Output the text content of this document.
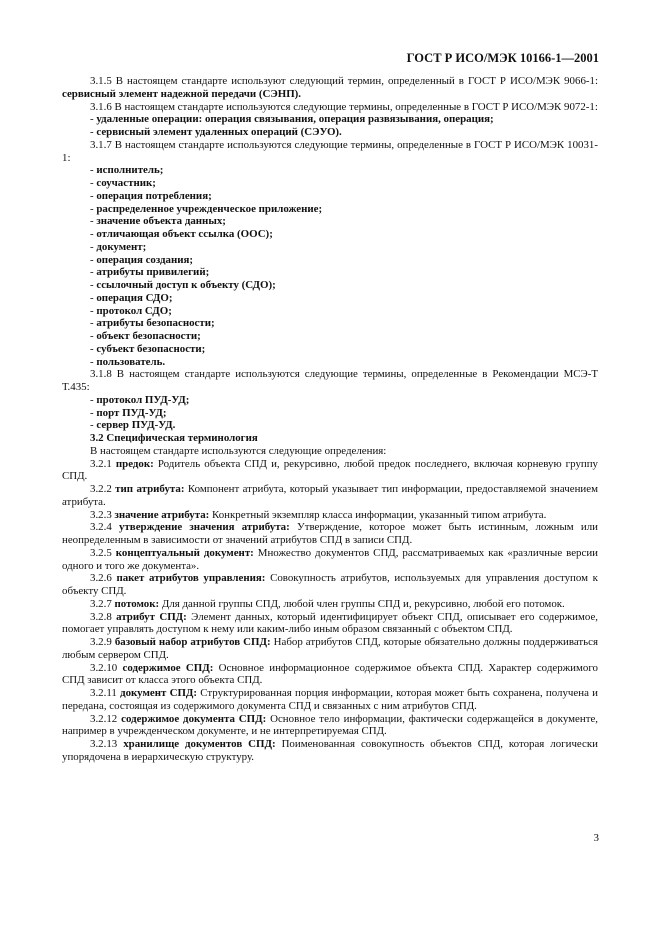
ГОСТ Р ИСО/МЭК 10166-1—2001

3.1.5 В настоящем стандарте используют следующий термин, определенный в ГОСТ Р ИСО/МЭК 9066-1: сервисный элемент надежной передачи (СЭНП).

3.1.6 В настоящем стандарте используются следующие термины, определенные в ГОСТ Р ИСО/МЭК 9072-1:

- удаленные операции: операция связывания, операция развязывания, операция;

- сервисный элемент удаленных операций (СЭУО).

3.1.7 В настоящем стандарте используются следующие термины, определенные в ГОСТ Р ИСО/МЭК 10031-1:

- исполнитель;

- соучастник;

- операция потребления;

- распределенное учрежденческое приложение;

- значение объекта данных;

- отличающая объект ссылка (ООС);

- документ;

- операция создания;

- атрибуты привилегий;

- ссылочный доступ к объекту (СДО);

- операция СДО;

- протокол СДО;

- атрибуты безопасности;

- объект безопасности;

- субъект безопасности;

- пользователь.

3.1.8 В настоящем стандарте используются следующие термины, определенные в Рекомендации МСЭ-Т Т.435:

- протокол ПУД-УД;

- порт ПУД-УД;

- сервер ПУД-УД.

3.2 Специфическая терминология

В настоящем стандарте используются следующие определения:

3.2.1 предок: Родитель объекта СПД и, рекурсивно, любой предок последнего, включая корневую группу СПД.

3.2.2 тип атрибута: Компонент атрибута, который указывает тип информации, предоставляемой значением атрибута.

3.2.3 значение атрибута: Конкретный экземпляр класса информации, указанный типом атрибута.

3.2.4 утверждение значения атрибута: Утверждение, которое может быть истинным, ложным или неопределенным в зависимости от значений атрибутов СПД в записи СПД.

3.2.5 концептуальный документ: Множество документов СПД, рассматриваемых как «различные версии одного и того же документа».

3.2.6 пакет атрибутов управления: Совокупность атрибутов, используемых для управления доступом к объекту СПД.

3.2.7 потомок: Для данной группы СПД, любой член группы СПД и, рекурсивно, любой его потомок.

3.2.8 атрибут СПД: Элемент данных, который идентифицирует объект СПД, описывает его содержимое, помогает управлять доступом к нему или каким-либо иным образом связанный с объектом СПД.

3.2.9 базовый набор атрибутов СПД: Набор атрибутов СПД, которые обязательно должны поддерживаться любым сервером СПД.

3.2.10 содержимое СПД: Основное информационное содержимое объекта СПД. Характер содержимого СПД зависит от класса этого объекта СПД.

3.2.11 документ СПД: Структурированная порция информации, которая может быть сохранена, получена и передана, состоящая из содержимого документа СПД и связанных с ним атрибутов СПД.

3.2.12 содержимое документа СПД: Основное тело информации, фактически содержащейся в документе, например в учрежденческом документе, и не интерпретируемая СПД.

3.2.13 хранилище документов СПД: Поименованная совокупность объектов СПД, которая логически упорядочена в иерархическую структуру.

3
